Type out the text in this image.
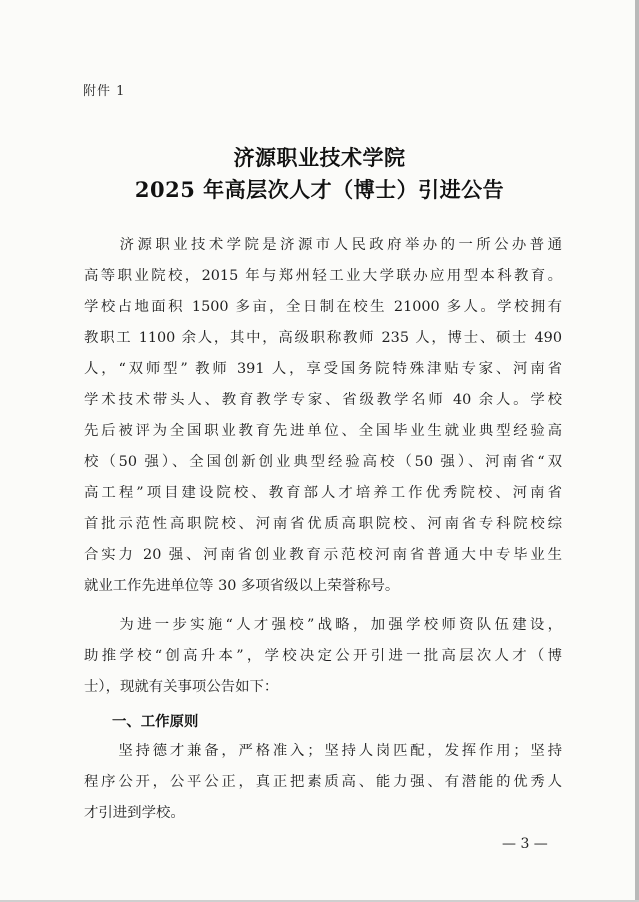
附件 1
济源职业技术学院
2025 年高层次人才（博士）引进公告
　　济源职业技术学院是济源市人民政府举办的一所公办普通
高等职业院校，2015 年与郑州轻工业大学联办应用型本科教育。
学校占地面积 1500 多亩，全日制在校生 21000 多人。学校拥有
教职工 1100 余人，其中，高级职称教师 235 人，博士、硕士 490
人，“双师型” 教师 391 人，享受国务院特殊津贴专家、河南省
学术技术带头人、教育教学专家、省级教学名师 40 余人。学校
先后被评为全国职业教育先进单位、全国毕业生就业典型经验高
校（50 强）、全国创新创业典型经验高校（50 强）、河南省“双
高工程”项目建设院校、教育部人才培养工作优秀院校、河南省
首批示范性高职院校、河南省优质高职院校、河南省专科院校综
合实力 20 强、河南省创业教育示范校河南省普通大中专毕业生
就业工作先进单位等 30 多项省级以上荣誉称号。
　　为进一步实施“人才强校”战略，加强学校师资队伍建设，
助推学校“创高升本”，学校决定公开引进一批高层次人才（博
士），现就有关事项公告如下：
一、工作原则
　　坚持德才兼备，严格准入；坚持人岗匹配，发挥作用；坚持
程序公开，公平公正，真正把素质高、能力强、有潜能的优秀人
才引进到学校。
— 3 —
